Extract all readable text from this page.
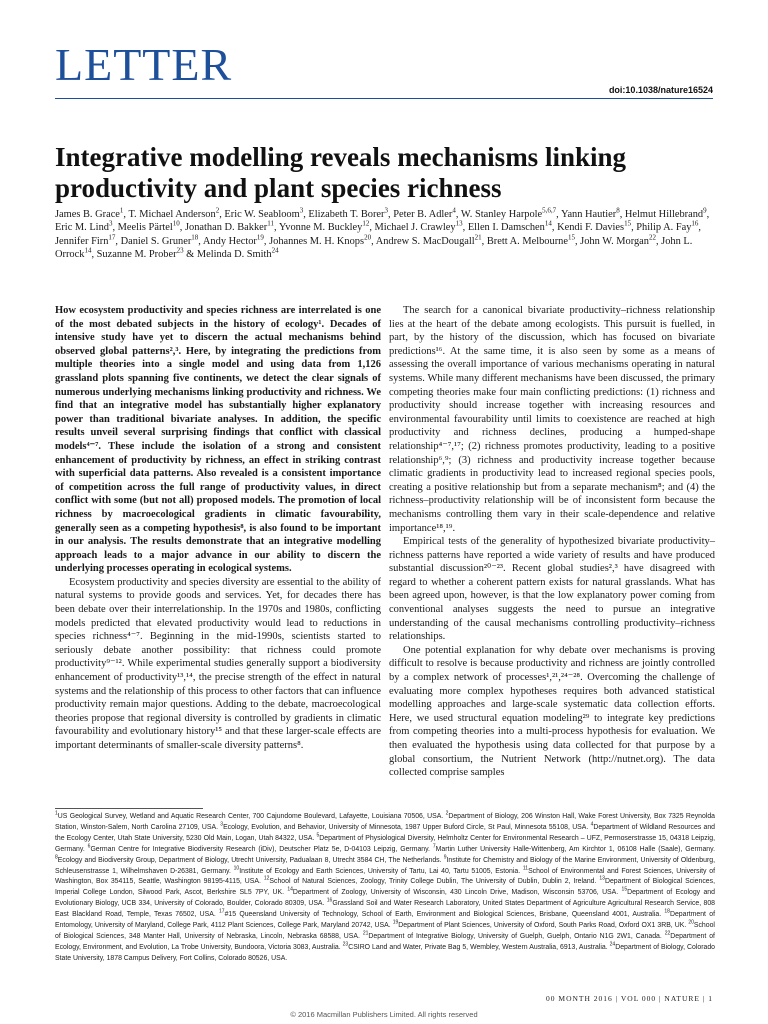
LETTER	doi:10.1038/nature16524
Integrative modelling reveals mechanisms linking productivity and plant species richness
James B. Grace$^1$, T. Michael Anderson$^2$, Eric W. Seabloom$^3$, Elizabeth T. Borer$^3$, Peter B. Adler$^4$, W. Stanley Harpole$^{5,6,7}$, Yann Hautier$^8$, Helmut Hillebrand$^9$, Eric M. Lind$^3$, Meelis Pärtel$^{10}$, Jonathan D. Bakker$^{11}$, Yvonne M. Buckley$^{12}$, Michael J. Crawley$^{13}$, Ellen I. Damschen$^{14}$, Kendi F. Davies$^{15}$, Philip A. Fay$^{16}$, Jennifer Firn$^{17}$, Daniel S. Gruner$^{18}$, Andy Hector$^{19}$, Johannes M. H. Knops$^{20}$, Andrew S. MacDougall$^{21}$, Brett A. Melbourne$^{15}$, John W. Morgan$^{22}$, John L. Orrock$^{14}$, Suzanne M. Prober$^{23}$ & Melinda D. Smith$^{24}$

How ecosystem productivity and species richness are interrelated is one of the most debated subjects in the history of ecology¹. Decades of intensive study have yet to discern the actual mechanisms behind observed global patterns²,³. Here, by integrating the predictions from multiple theories into a single model and using data from 1,126 grassland plots spanning five continents, we detect the clear signals of numerous underlying mechanisms linking productivity and richness. We find that an integrative model has substantially higher explanatory power than traditional bivariate analyses. In addition, the specific results unveil several surprising findings that conflict with classical models⁴⁻⁷. These include the isolation of a strong and consistent enhancement of productivity by richness, an effect in striking contrast with superficial data patterns. Also revealed is a consistent importance of competition across the full range of productivity values, in direct conflict with some (but not all) proposed models. The promotion of local richness by macroecological gradients in climatic favourability, generally seen as a competing hypothesis⁸, is also found to be important in our analysis. The results demonstrate that an integrative modelling approach leads to a major advance in our ability to discern the underlying processes operating in ecological systems.

Ecosystem productivity and species diversity are essential to the ability of natural systems to provide goods and services. Yet, for decades there has been debate over their interrelationship. In the 1970s and 1980s, conflicting models predicted that elevated productivity would lead to reductions in species richness⁴⁻⁷. Beginning in the mid-1990s, scientists started to seriously debate another possibility: that richness could promote productivity⁹⁻¹². While experimental studies generally support a biodiversity enhancement of productivity¹³,¹⁴, the precise strength of the effect in natural systems and the relationship of this process to other factors that can influence productivity remain major questions. Adding to the debate, macroecological theories propose that regional diversity is controlled by gradients in climatic favourability and evolutionary history¹⁵ and that these larger-scale effects are important determinants of smaller-scale diversity patterns⁸.

The search for a canonical bivariate productivity–richness relationship lies at the heart of the debate among ecologists. This pursuit is fuelled, in part, by the history of the discussion, which has focused on bivariate predictions¹⁶. At the same time, it is also seen by some as a means of assessing the overall importance of various mechanisms operating in natural systems. While many different mechanisms have been discussed, the primary competing theories make four main conflicting predictions: (1) richness and productivity should increase together with increasing resources and environmental favourability until limits to coexistence are reached at high productivity and richness declines, producing a humped-shape relationship⁴⁻⁷,¹⁷; (2) richness promotes productivity, leading to a positive relationship⁶,⁹; (3) richness and productivity increase together because climatic gradients in productivity lead to increased regional species pools, creating a positive relationship but from a separate mechanism⁸; and (4) the richness–productivity relationship will be of inconsistent form because the mechanisms controlling them vary in their scale-dependence and relative importance¹⁸,¹⁹.

Empirical tests of the generality of hypothesized bivariate productivity–richness patterns have reported a wide variety of results and have produced substantial discussion²⁰⁻²³. Recent global studies²,³ have disagreed with regard to whether a coherent pattern exists for natural grasslands. What has been agreed upon, however, is that the low explanatory power coming from conventional analyses suggests the need to pursue an integrative understanding of the causal mechanisms controlling productivity–richness relationships.

One potential explanation for why debate over mechanisms is proving difficult to resolve is because productivity and richness are jointly controlled by a complex network of processes¹,²¹,²⁴⁻²⁸. Overcoming the challenge of evaluating more complex hypotheses requires both advanced statistical modelling approaches and large-scale systematic data collection efforts. Here, we used structural equation modeling²⁹ to integrate key predictions from competing theories into a multi-process hypothesis for evaluation. We then evaluated the hypothesis using data collected for that purpose by a global consortium, the Nutrient Network (http://nutnet.org). The data collected comprise samples

$^1$US Geological Survey, Wetland and Aquatic Research Center, 700 Cajundome Boulevard, Lafayette, Louisiana 70506, USA. $^2$Department of Biology, 206 Winston Hall, Wake Forest University, Box 7325 Reynolda Station, Winston-Salem, North Carolina 27109, USA. $^3$Ecology, Evolution, and Behavior, University of Minnesota, 1987 Upper Buford Circle, St Paul, Minnesota 55108, USA. $^4$Department of Wildland Resources and the Ecology Center, Utah State University, 5230 Old Main, Logan, Utah 84322, USA. $^5$Department of Physiological Diversity, Helmholtz Center for Environmental Research – UFZ, Permoserstrasse 15, 04318 Leipzig, Germany. $^6$German Centre for Integrative Biodiversity Research (iDiv), Deutscher Platz 5e, D-04103 Leipzig, Germany. $^7$Martin Luther University Halle-Wittenberg, Am Kirchtor 1, 06108 Halle (Saale), Germany. $^8$Ecology and Biodiversity Group, Department of Biology, Utrecht University, Padualaan 8, Utrecht 3584 CH, The Netherlands. $^9$Institute for Chemistry and Biology of the Marine Environment, University of Oldenburg, Schleusenstrasse 1, Wilhelmshaven D-26381, Germany. $^{10}$Institute of Ecology and Earth Sciences, University of Tartu, Lai 40, Tartu 51005, Estonia. $^{11}$School of Environmental and Forest Sciences, University of Washington, Box 354115, Seattle, Washington 98195-4115, USA. $^{12}$School of Natural Sciences, Zoology, Trinity College Dublin, The University of Dublin, Dublin 2, Ireland. $^{13}$Department of Biological Sciences, Imperial College London, Silwood Park, Ascot, Berkshire SL5 7PY, UK. $^{14}$Department of Zoology, University of Wisconsin, 430 Lincoln Drive, Madison, Wisconsin 53706, USA. $^{15}$Department of Ecology and Evolutionary Biology, UCB 334, University of Colorado, Boulder, Colorado 80309, USA. $^{16}$Grassland Soil and Water Research Laboratory, United States Department of Agriculture Agricultural Research Service, 808 East Blackland Road, Temple, Texas 76502, USA. $^{17}$#15 Queensland University of Technology, School of Earth, Environment and Biological Sciences, Brisbane, Queensland 4001, Australia. $^{18}$Department of Entomology, University of Maryland, College Park, 4112 Plant Sciences, College Park, Maryland 20742, USA. $^{19}$Department of Plant Sciences, University of Oxford, South Parks Road, Oxford OX1 3RB, UK. $^{20}$School of Biological Sciences, 348 Manter Hall, University of Nebraska, Lincoln, Nebraska 68588, USA. $^{21}$Department of Integrative Biology, University of Guelph, Guelph, Ontario N1G 2W1, Canada. $^{22}$Department of Ecology, Environment, and Evolution, La Trobe University, Bundoora, Victoria 3083, Australia. $^{23}$CSIRO Land and Water, Private Bag 5, Wembley, Western Australia, 6913, Australia. $^{24}$Department of Biology, Colorado State University, 1878 Campus Delivery, Fort Collins, Colorado 80526, USA.
00 MONTH 2016 | VOL 000 | NATURE | 1
© 2016 Macmillan Publishers Limited. All rights reserved
